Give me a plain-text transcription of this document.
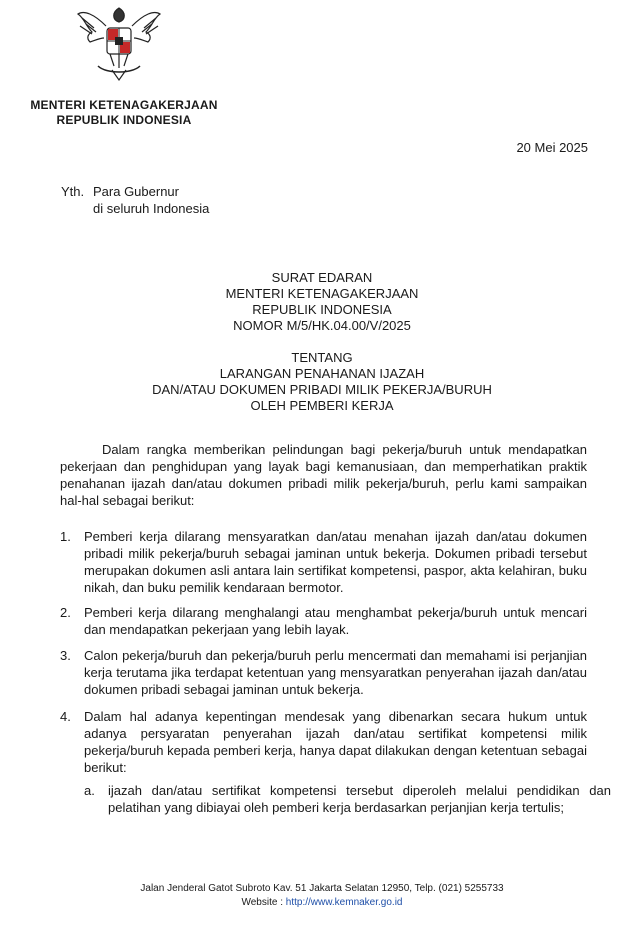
MENTERI KETENAGAKERJAAN
REPUBLIK INDONESIA
20 Mei 2025
Yth. Para Gubernur
di seluruh Indonesia
SURAT EDARAN
MENTERI KETENAGAKERJAAN
REPUBLIK INDONESIA
NOMOR M/5/HK.04.00/V/2025
TENTANG
LARANGAN PENAHANAN IJAZAH
DAN/ATAU DOKUMEN PRIBADI MILIK PEKERJA/BURUH
OLEH PEMBERI KERJA
Dalam rangka memberikan pelindungan bagi pekerja/buruh untuk mendapatkan pekerjaan dan penghidupan yang layak bagi kemanusiaan, dan memperhatikan praktik penahanan ijazah dan/atau dokumen pribadi milik pekerja/buruh, perlu kami sampaikan hal-hal sebagai berikut:
1. Pemberi kerja dilarang mensyaratkan dan/atau menahan ijazah dan/atau dokumen pribadi milik pekerja/buruh sebagai jaminan untuk bekerja. Dokumen pribadi tersebut merupakan dokumen asli antara lain sertifikat kompetensi, paspor, akta kelahiran, buku nikah, dan buku pemilik kendaraan bermotor.
2. Pemberi kerja dilarang menghalangi atau menghambat pekerja/buruh untuk mencari dan mendapatkan pekerjaan yang lebih layak.
3. Calon pekerja/buruh dan pekerja/buruh perlu mencermati dan memahami isi perjanjian kerja terutama jika terdapat ketentuan yang mensyaratkan penyerahan ijazah dan/atau dokumen pribadi sebagai jaminan untuk bekerja.
4. Dalam hal adanya kepentingan mendesak yang dibenarkan secara hukum untuk adanya persyaratan penyerahan ijazah dan/atau sertifikat kompetensi milik pekerja/buruh kepada pemberi kerja, hanya dapat dilakukan dengan ketentuan sebagai berikut:
a. ijazah dan/atau sertifikat kompetensi tersebut diperoleh melalui pendidikan dan pelatihan yang dibiayai oleh pemberi kerja berdasarkan perjanjian kerja tertulis;
Jalan Jenderal Gatot Subroto Kav. 51 Jakarta Selatan 12950, Telp. (021) 5255733
Website : http://www.kemnaker.go.id
